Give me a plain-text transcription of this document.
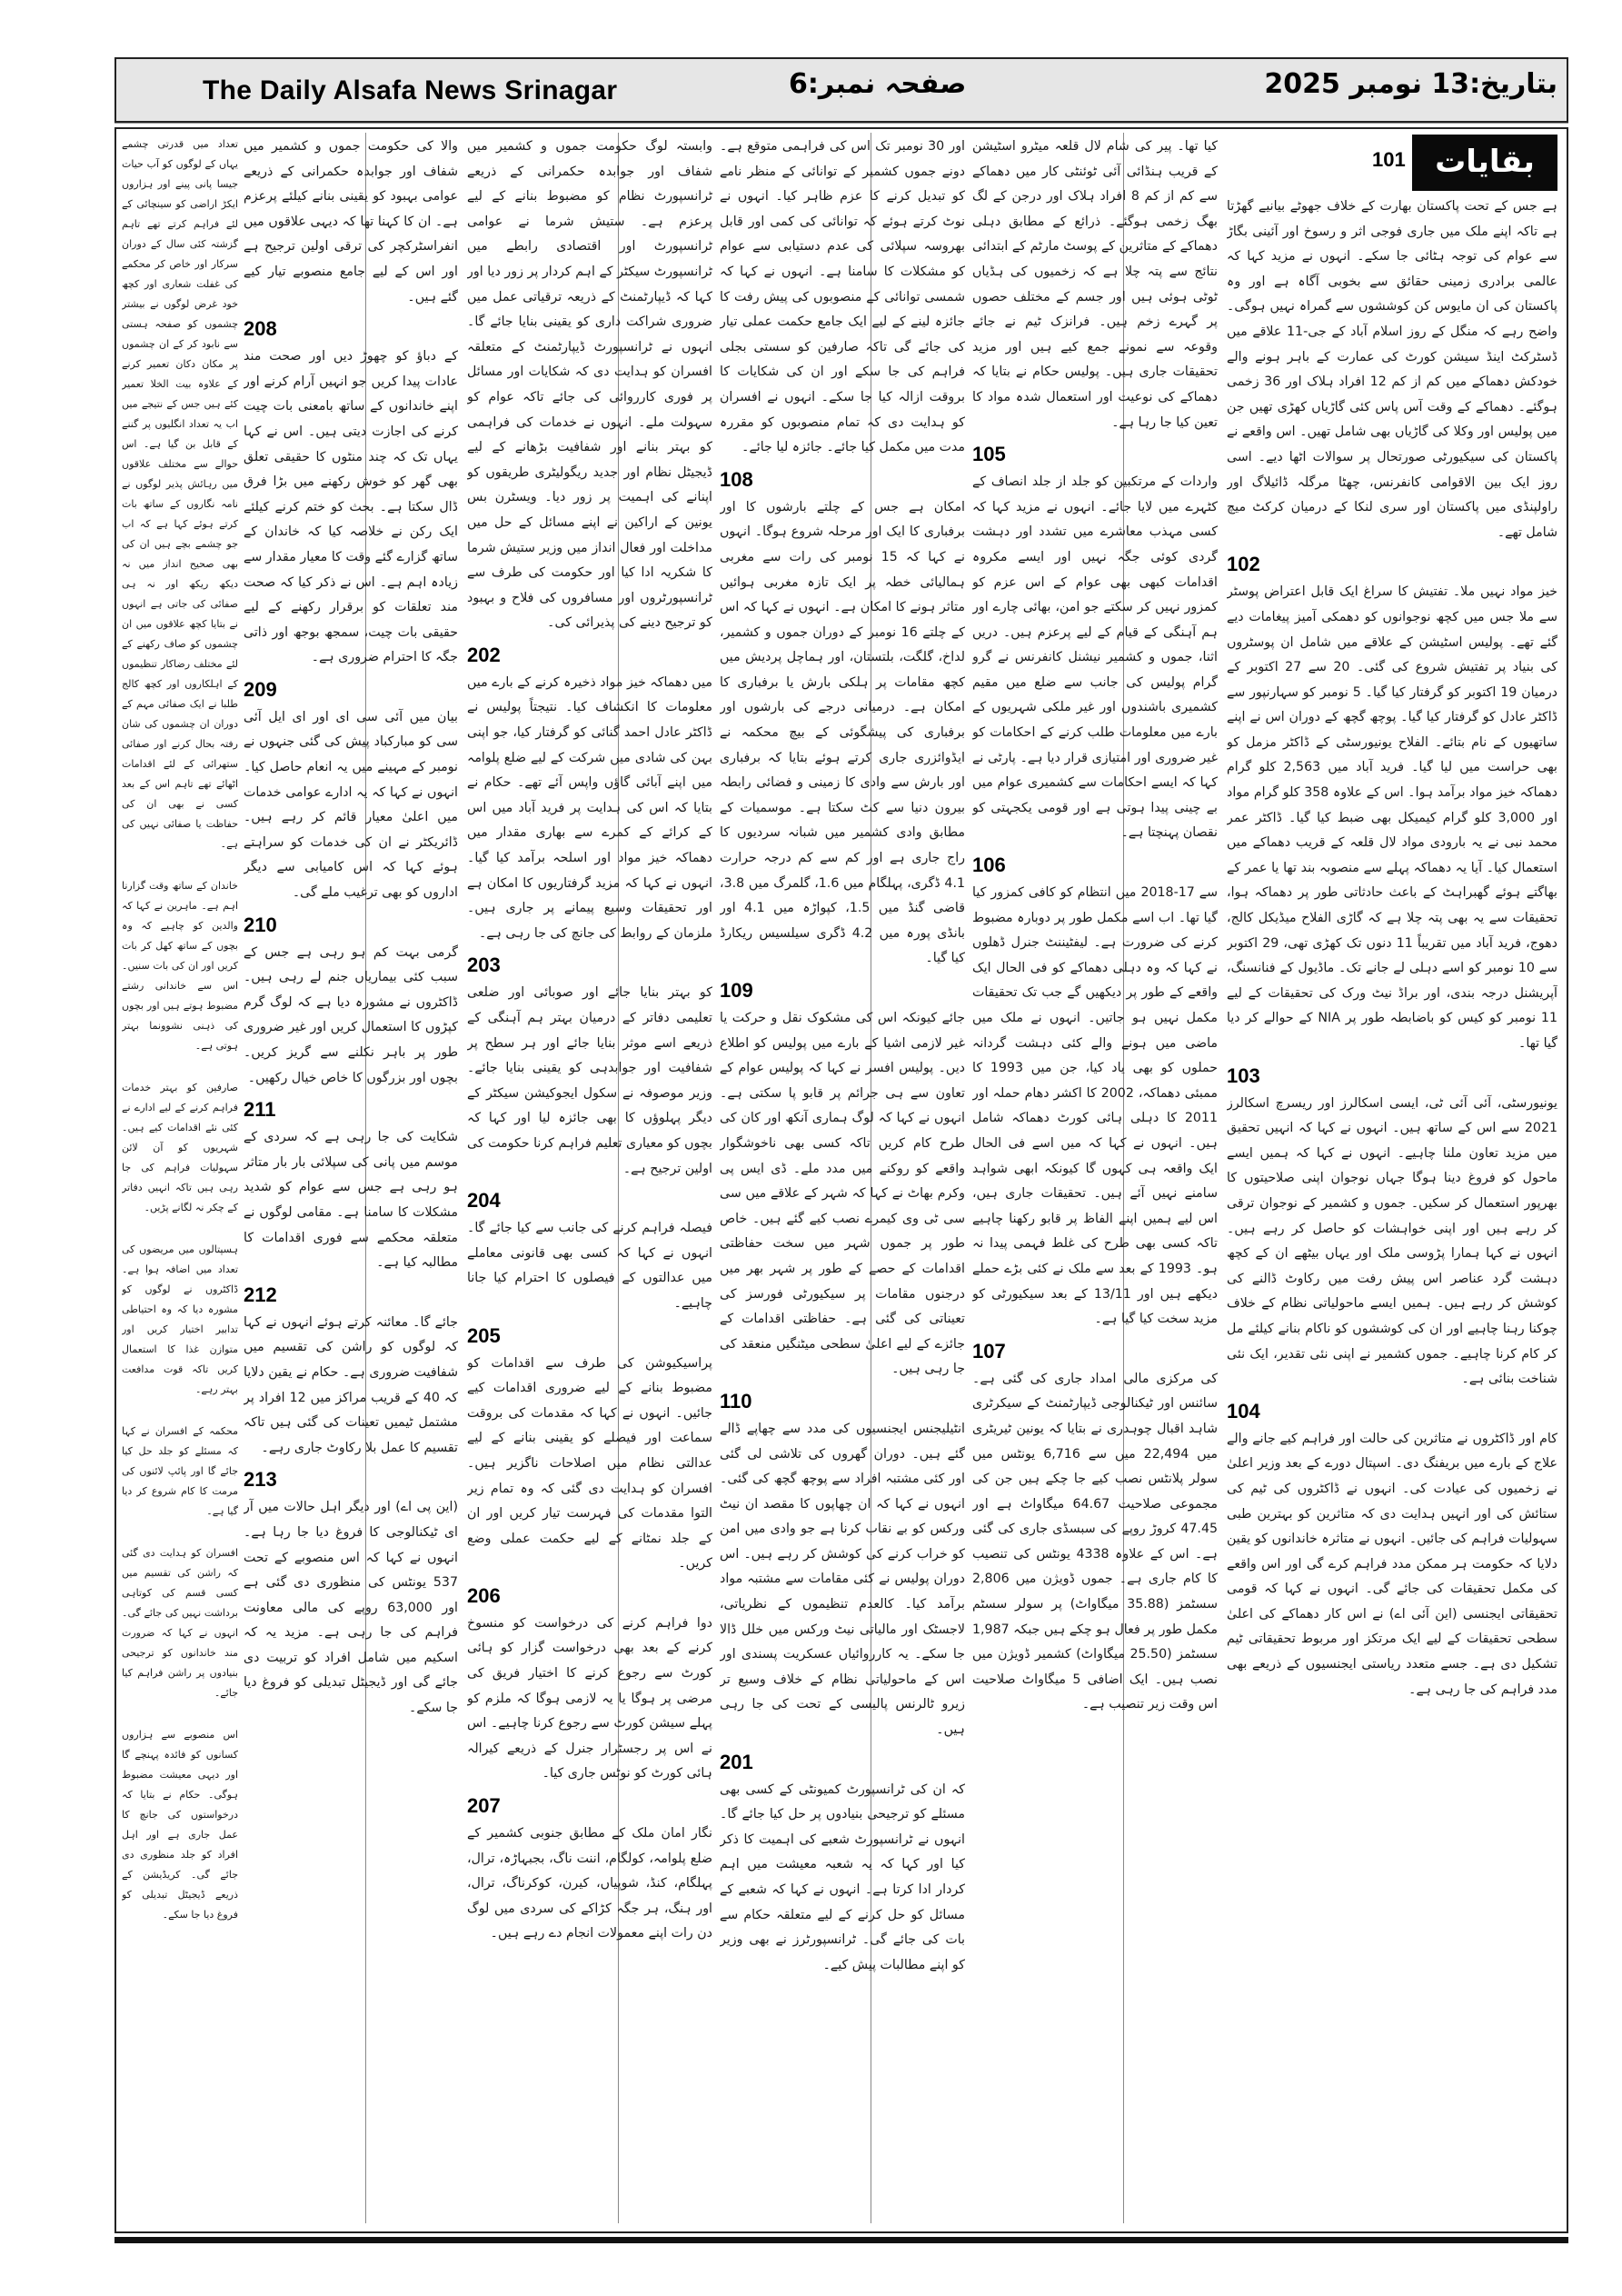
The Daily Alsafa News Srinagar	صفحہ نمبر:6	بتاریخ:13 نومبر 2025
بقایات
101

ہے جس کے تحت پاکستان بھارت کے خلاف جھوٹے بیانیے گھڑتا ہے تاکہ اپنے ملک میں جاری فوجی اثر و رسوخ اور آئینی بگاڑ سے عوام کی توجہ ہٹائی جا سکے۔ انہوں نے مزید کہا کہ عالمی برادری زمینی حقائق سے بخوبی آگاہ ہے اور وہ پاکستان کی ان مایوس کن کوششوں سے گمراہ نہیں ہوگی۔ واضح رہے کہ منگل کے روز اسلام آباد کے جی-11 علاقے میں ڈسٹرکٹ اینڈ سیشن کورٹ کی عمارت کے باہر ہونے والے خودکش دھماکے میں کم از کم 12 افراد ہلاک اور 36 زخمی ہوگئے۔ دھماکے کے وقت آس پاس کئی گاڑیاں کھڑی تھیں جن میں پولیس اور وکلا کی گاڑیاں بھی شامل تھیں۔ اس واقعے نے پاکستان کی سیکیورٹی صورتحال پر سوالات اٹھا دیے۔ اسی روز ایک بین الاقوامی کانفرنس، چھٹا مرگلہ ڈائیلاگ اور راولپنڈی میں پاکستان اور سری لنکا کے درمیان کرکٹ میچ شامل تھے۔

102

خیز مواد نہیں ملا۔ تفتیش کا سراغ ایک قابل اعتراض پوسٹر سے ملا جس میں کچھ نوجوانوں کو دھمکی آمیز پیغامات دیے گئے تھے۔ پولیس اسٹیشن کے علاقے میں شامل ان پوسٹروں کی بنیاد پر تفتیش شروع کی گئی۔ 20 سے 27 اکتوبر کے درمیان 19 اکتوبر کو گرفتار کیا گیا۔ 5 نومبر کو سہارنپور سے ڈاکٹر عادل کو گرفتار کیا گیا۔ پوچھ گچھ کے دوران اس نے اپنے ساتھیوں کے نام بتائے۔ الفلاح یونیورسٹی کے ڈاکٹر مزمل کو بھی حراست میں لیا گیا۔ فرید آباد میں 2,563 کلو گرام دھماکہ خیز مواد برآمد ہوا۔ اس کے علاوہ 358 کلو گرام مواد اور 3,000 کلو گرام کیمیکل بھی ضبط کیا گیا۔ ڈاکٹر عمر محمد نبی نے یہ بارودی مواد لال قلعہ کے قریب دھماکے میں استعمال کیا۔ آیا یہ دھماکہ پہلے سے منصوبہ بند تھا یا عمر کے بھاگتے ہوئے گھبراہٹ کے باعث حادثاتی طور پر دھماکہ ہوا، تحقیقات سے یہ بھی پتہ چلا ہے کہ گاڑی الفلاح میڈیکل کالج، دھوج، فرید آباد میں تقریباً 11 دنوں تک کھڑی تھی، 29 اکتوبر سے 10 نومبر کو اسے دہلی لے جانے تک۔ ماڈیول کے فنانسنگ، آپریشنل درجہ بندی، اور براڈ نیٹ ورک کی تحقیقات کے لیے 11 نومبر کو کیس کو باضابطہ طور پر NIA کے حوالے کر دیا گیا تھا۔

103

یونیورسٹی، آئی آئی ٹی، ایسی اسکالرز اور ریسرچ اسکالرز 2021 سے اس کے ساتھ ہیں۔ انہوں نے کہا کہ انہیں تحقیق میں مزید تعاون ملنا چاہیے۔ انہوں نے کہا کہ ہمیں ایسے ماحول کو فروغ دینا ہوگا جہاں نوجوان اپنی صلاحیتوں کا بھرپور استعمال کر سکیں۔ جموں و کشمیر کے نوجوان ترقی کر رہے ہیں اور اپنی خواہشات کو حاصل کر رہے ہیں۔ انہوں نے کہا ہمارا پڑوسی ملک اور یہاں بیٹھے ان کے کچھ دہشت گرد عناصر اس پیش رفت میں رکاوٹ ڈالنے کی کوشش کر رہے ہیں۔ ہمیں ایسے ماحولیاتی نظام کے خلاف چوکنا رہنا چاہیے اور ان کی کوششوں کو ناکام بنانے کیلئے مل کر کام کرنا چاہیے۔ جموں کشمیر نے اپنی نئی تقدیر، ایک نئی شناخت بنائی ہے۔

104

کام اور ڈاکٹروں نے متاثرین کی حالت اور فراہم کیے جانے والے علاج کے بارے میں بریفنگ دی۔ اسپتال دورے کے بعد وزیر اعلیٰ نے زخمیوں کی عیادت کی۔ انہوں نے ڈاکٹروں کی ٹیم کی ستائش کی اور انہیں ہدایت دی کہ متاثرین کو بہترین طبی سہولیات فراہم کی جائیں۔ انہوں نے متاثرہ خاندانوں کو یقین دلایا کہ حکومت ہر ممکن مدد فراہم کرے گی اور اس واقعے کی مکمل تحقیقات کی جائے گی۔ انہوں نے کہا کہ قومی تحقیقاتی ایجنسی (این آئی اے) نے اس کار دھماکے کی اعلیٰ سطحی تحقیقات کے لیے ایک مرتکز اور مربوط تحقیقاتی ٹیم تشکیل دی ہے۔ جسے متعدد ریاستی ایجنسیوں کے ذریعے بھی مدد فراہم کی جا رہی ہے۔

کیا تھا۔ پیر کی شام لال قلعہ میٹرو اسٹیشن کے قریب ہنڈائی آئی ٹوئنٹی کار میں دھماکے سے کم از کم 8 افراد ہلاک اور درجن کے لگ بھگ زخمی ہوگئے۔ ذرائع کے مطابق دہلی دھماکے کے متاثرین کے پوسٹ مارٹم کے ابتدائی نتائج سے پتہ چلا ہے کہ زخمیوں کی ہڈیاں ٹوٹی ہوئی ہیں اور جسم کے مختلف حصوں پر گہرے زخم ہیں۔ فرانزک ٹیم نے جائے وقوعہ سے نمونے جمع کیے ہیں اور مزید تحقیقات جاری ہیں۔ پولیس حکام نے بتایا کہ دھماکے کی نوعیت اور استعمال شدہ مواد کا تعین کیا جا رہا ہے۔

105

واردات کے مرتکبین کو جلد از جلد انصاف کے کٹہرے میں لایا جائے۔ انہوں نے مزید کہا کہ کسی مہذب معاشرے میں تشدد اور دہشت گردی کوئی جگہ نہیں اور ایسے مکروہ اقدامات کبھی بھی عوام کے اس عزم کو کمزور نہیں کر سکتے جو امن، بھائی چارے اور ہم آہنگی کے قیام کے لیے پرعزم ہیں۔ دریں اثنا، جموں و کشمیر نیشنل کانفرنس نے گرو گرام پولیس کی جانب سے ضلع میں مقیم کشمیری باشندوں اور غیر ملکی شہریوں کے بارے میں معلومات طلب کرنے کے احکامات کو غیر ضروری اور امتیازی قرار دیا ہے۔ پارٹی نے کہا کہ ایسے احکامات سے کشمیری عوام میں بے چینی پیدا ہوتی ہے اور قومی یکجہتی کو نقصان پہنچتا ہے۔

106

سے 17-2018 میں انتظام کو کافی کمزور کیا گیا تھا۔ اب اسے مکمل طور پر دوبارہ مضبوط کرنے کی ضرورت ہے۔ لیفٹیننٹ جنرل ڈھلوں نے کہا کہ وہ دہلی دھماکے کو فی الحال ایک واقعے کے طور پر دیکھیں گے جب تک تحقیقات مکمل نہیں ہو جاتیں۔ انہوں نے ملک میں ماضی میں ہونے والے کئی دہشت گردانہ حملوں کو بھی یاد کیا، جن میں 1993 کا ممبئی دھماکہ، 2002 کا اکشر دھام حملہ اور 2011 کا دہلی ہائی کورٹ دھماکہ شامل ہیں۔ انہوں نے کہا کہ میں اسے فی الحال ایک واقعہ ہی کہوں گا کیونکہ ابھی شواہد سامنے نہیں آئے ہیں۔ تحقیقات جاری ہیں، اس لیے ہمیں اپنے الفاظ پر قابو رکھنا چاہیے تاکہ کسی بھی طرح کی غلط فہمی پیدا نہ ہو۔ 1993 کے بعد سے ملک نے کئی بڑے حملے دیکھے ہیں اور 13/11 کے بعد سیکیورٹی کو مزید سخت کیا گیا ہے۔

107

کی مرکزی مالی امداد جاری کی گئی ہے۔ سائنس اور ٹیکنالوجی ڈیپارٹمنٹ کے سیکرٹری شاہد اقبال چوہدری نے بتایا کہ یونین ٹیریٹری میں 22,494 میں سے 6,716 یونٹس میں سولر پلانٹس نصب کیے جا چکے ہیں جن کی مجموعی صلاحیت 64.67 میگاواٹ ہے اور 47.45 کروڑ روپے کی سبسڈی جاری کی گئی ہے۔ اس کے علاوہ 4338 یونٹس کی تنصیب کا کام جاری ہے۔ جموں ڈویژن میں 2,806 سسٹمز (35.88 میگاواٹ) پر سولر سسٹم مکمل طور پر فعال ہو چکے ہیں جبکہ 1,987 سسٹمز (25.50 میگاواٹ) کشمیر ڈویژن میں نصب ہیں۔ ایک اضافی 5 میگاواٹ صلاحیت اس وقت زیر تنصیب ہے۔

اور 30 نومبر تک اس کی فراہمی متوقع ہے۔ دونے جموں کشمیر کے توانائی کے منظر نامے کو تبدیل کرنے کا عزم ظاہر کیا۔ انہوں نے نوٹ کرتے ہوئے کہ توانائی کی کمی اور قابل بھروسہ سپلائی کی عدم دستیابی سے عوام کو مشکلات کا سامنا ہے۔ انہوں نے کہا کہ شمسی توانائی کے منصوبوں کی پیش رفت کا جائزہ لینے کے لیے ایک جامع حکمت عملی تیار کی جائے گی تاکہ صارفین کو سستی بجلی فراہم کی جا سکے اور ان کی شکایات کا بروقت ازالہ کیا جا سکے۔ انہوں نے افسران کو ہدایت دی کہ تمام منصوبوں کو مقررہ مدت میں مکمل کیا جائے۔ جائزہ لیا جائے۔

108

امکان ہے جس کے چلتے بارشوں کا اور برفباری کا ایک اور مرحلہ شروع ہوگا۔ انہوں نے کہا کہ 15 نومبر کی رات سے مغربی ہمالیائی خطہ پر ایک تازہ مغربی ہوائیں متاثر ہونے کا امکان ہے۔ انہوں نے کہا کہ اس کے چلتے 16 نومبر کے دوران جموں و کشمیر، لداخ، گلگت، بلتستان، اور ہماچل پردیش میں کچھ مقامات پر ہلکی بارش یا برفباری کا امکان ہے۔ درمیانی درجے کی بارشوں اور برفباری کی پیشگوئی کے بیچ محکمہ نے ایڈوائزری جاری کرتے ہوئے بتایا کہ برفباری اور بارش سے وادی کا زمینی و فضائی رابطہ بیرون دنیا سے کٹ سکتا ہے۔ موسمیات کے مطابق وادی کشمیر میں شبانہ سردیوں کا راج جاری ہے اور کم سے کم درجہ حرارت 4.1 ڈگری، پہلگام میں 1.6، گلمرگ میں 3.8، قاضی گنڈ میں 1.5، کپواڑہ میں 4.1 اور بانڈی پورہ میں 4.2 ڈگری سیلسیس ریکارڈ کیا گیا۔

109

جائے کیونکہ اس کی مشکوک نقل و حرکت یا غیر لازمی اشیا کے بارے میں پولیس کو اطلاع دیں۔ پولیس افسر نے کہا کہ پولیس عوام کے تعاون سے ہی جرائم پر قابو پا سکتی ہے۔ انہوں نے کہا کہ لوگ ہماری آنکھ اور کان کی طرح کام کریں تاکہ کسی بھی ناخوشگوار واقعے کو روکنے میں مدد ملے۔ ڈی ایس پی وکرم بھاٹ نے کہا کہ شہر کے علاقے میں سی سی ٹی وی کیمرے نصب کیے گئے ہیں۔ خاص طور پر جموں شہر میں سخت حفاظتی اقدامات کے حصے کے طور پر شہر بھر میں درجنوں مقامات پر سیکیورٹی فورسز کی تعیناتی کی گئی ہے۔ حفاظتی اقدامات کے جائزے کے لیے اعلیٰ سطحی میٹنگیں منعقد کی جا رہی ہیں۔

110

انٹیلیجنس ایجنسیوں کی مدد سے چھاپے ڈالے گئے ہیں۔ دوران گھروں کی تلاشی لی گئی اور کئی مشتبہ افراد سے پوچھ گچھ کی گئی۔ انہوں نے کہا کہ ان چھاپوں کا مقصد ان نیٹ ورکس کو بے نقاب کرنا ہے جو وادی میں امن کو خراب کرنے کی کوشش کر رہے ہیں۔ اس دوران پولیس نے کئی مقامات سے مشتبہ مواد برآمد کیا۔ کالعدم تنظیموں کے نظریاتی، لاجسٹک اور مالیاتی نیٹ ورکس میں خلل ڈالا جا سکے۔ یہ کارروائیاں عسکریت پسندی اور اس کے ماحولیاتی نظام کے خلاف وسیع تر زیرو ٹالرنس پالیسی کے تحت کی جا رہی ہیں۔

201

کہ ان کی ٹرانسپورٹ کمیونٹی کے کسی بھی مسئلے کو ترجیحی بنیادوں پر حل کیا جائے گا۔ انہوں نے ٹرانسپورٹ شعبے کی اہمیت کا ذکر کیا اور کہا کہ یہ شعبہ معیشت میں اہم کردار ادا کرتا ہے۔ انہوں نے کہا کہ شعبے کے مسائل کو حل کرنے کے لیے متعلقہ حکام سے بات کی جائے گی۔ ٹرانسپورٹرز نے بھی وزیر کو اپنے مطالبات پیش کیے۔

وابستہ لوگ حکومت جموں و کشمیر میں شفاف اور جوابدہ حکمرانی کے ذریعے ٹرانسپورٹ نظام کو مضبوط بنانے کے لیے پرعزم ہے۔ ستیش شرما نے عوامی ٹرانسپورٹ اور اقتصادی رابطے میں ٹرانسپورٹ سیکٹر کے اہم کردار پر زور دیا اور کہا کہ ڈیپارٹمنٹ کے ذریعہ ترقیاتی عمل میں ضروری شراکت داری کو یقینی بنایا جائے گا۔ انہوں نے ٹرانسپورٹ ڈیپارٹمنٹ کے متعلقہ افسران کو ہدایت دی کہ شکایات اور مسائل پر فوری کارروائی کی جائے تاکہ عوام کو سہولت ملے۔ انہوں نے خدمات کی فراہمی کو بہتر بنانے اور شفافیت بڑھانے کے لیے ڈیجیٹل نظام اور جدید ریگولیٹری طریقوں کو اپنانے کی اہمیت پر زور دیا۔ ویسٹرن بس یونین کے اراکین نے اپنے مسائل کے حل میں مداخلت اور فعال انداز میں وزیر ستیش شرما کا شکریہ ادا کیا اور حکومت کی طرف سے ٹرانسپورٹروں اور مسافروں کی فلاح و بہبود کو ترجیح دینے کی پذیرائی کی۔

202

میں دھماکہ خیز مواد ذخیرہ کرنے کے بارے میں معلومات کا انکشاف کیا۔ نتیجتاً پولیس نے ڈاکٹر عادل احمد گنائی کو گرفتار کیا، جو اپنی بہن کی شادی میں شرکت کے لیے ضلع پلوامہ میں اپنے آبائی گاؤں واپس آئے تھے۔ حکام نے بتایا کہ اس کی ہدایت پر فرید آباد میں اس کے کرائے کے کمرے سے بھاری مقدار میں دھماکہ خیز مواد اور اسلحہ برآمد کیا گیا۔ انہوں نے کہا کہ مزید گرفتاریوں کا امکان ہے اور تحقیقات وسیع پیمانے پر جاری ہیں۔ ملزمان کے روابط کی جانچ کی جا رہی ہے۔

203

کو بہتر بنایا جائے اور صوبائی اور ضلعی تعلیمی دفاتر کے درمیان بہتر ہم آہنگی کے ذریعے اسے موثر بنایا جائے اور ہر سطح پر شفافیت اور جوابدہی کو یقینی بنایا جائے۔ وزیر موصوفہ نے سکول ایجوکیشن سیکٹر کے دیگر پہلوؤں کا بھی جائزہ لیا اور کہا کہ بچوں کو معیاری تعلیم فراہم کرنا حکومت کی اولین ترجیح ہے۔

204

فیصلہ فراہم کرنے کی جانب سے کیا جائے گا۔ انہوں نے کہا کہ کسی بھی قانونی معاملے میں عدالتوں کے فیصلوں کا احترام کیا جانا چاہیے۔

205

پراسیکیوشن کی طرف سے اقدامات کو مضبوط بنانے کے لیے ضروری اقدامات کیے جائیں۔ انہوں نے کہا کہ مقدمات کی بروقت سماعت اور فیصلے کو یقینی بنانے کے لیے عدالتی نظام میں اصلاحات ناگزیر ہیں۔ افسران کو ہدایت دی گئی کہ وہ تمام زیر التوا مقدمات کی فہرست تیار کریں اور ان کے جلد نمٹانے کے لیے حکمت عملی وضع کریں۔

206

دوا فراہم کرنے کی درخواست کو منسوخ کرنے کے بعد بھی درخواست گزار کو ہائی کورٹ سے رجوع کرنے کا اختیار فریق کی مرضی پر ہوگا یا یہ لازمی ہوگا کہ ملزم کو پہلے سیشن کورٹ سے رجوع کرنا چاہیے۔ اس نے اس پر رجسٹرار جنرل کے ذریعے کیرالہ ہائی کورٹ کو نوٹس جاری کیا۔

207

نگار امان ملک کے مطابق جنوبی کشمیر کے ضلع پلوامہ، کولگام، اننت ناگ، بجبہاڑہ، ترال، پہلگام، کنڈ، شوپیاں، کیرن، کوکرناگ، ترال، اور ہنگ، ہر جگہ کڑاکے کی سردی میں لوگ دن رات اپنے معمولات انجام دے رہے ہیں۔

والا کی حکومت جموں و کشمیر میں شفاف اور جوابدہ حکمرانی کے ذریعے عوامی بہبود کو یقینی بنانے کیلئے پرعزم ہے۔ ان کا کہنا تھا کہ دیہی علاقوں میں انفراسٹرکچر کی ترقی اولین ترجیح ہے اور اس کے لیے جامع منصوبے تیار کیے گئے ہیں۔

208

کے دباؤ کو چھوڑ دیں اور صحت مند عادات پیدا کریں جو انہیں آرام کرنے اور اپنے خاندانوں کے ساتھ بامعنی بات چیت کرنے کی اجازت دیتی ہیں۔ اس نے کہا یہاں تک کہ چند منٹوں کا حقیقی تعلق بھی گھر کو خوش رکھنے میں بڑا فرق ڈال سکتا ہے۔ بحث کو ختم کرنے کیلئے ایک رکن نے خلاصہ کیا کہ خاندان کے ساتھ گزارے گئے وقت کا معیار مقدار سے زیادہ اہم ہے۔ اس نے ذکر کیا کہ صحت مند تعلقات کو برقرار رکھنے کے لیے حقیقی بات چیت، سمجھ بوجھ اور ذاتی جگہ کا احترام ضروری ہے۔

209

بیان میں آئی سی ای اور ای ایل آئی سی کو مبارکباد پیش کی گئی جنہوں نے نومبر کے مہینے میں یہ انعام حاصل کیا۔ انہوں نے کہا کہ یہ ادارے عوامی خدمات میں اعلیٰ معیار قائم کر رہے ہیں۔ ڈائریکٹر نے ان کی خدمات کو سراہتے ہوئے کہا کہ اس کامیابی سے دیگر اداروں کو بھی ترغیب ملے گی۔

210

گرمی بہت کم ہو رہی ہے جس کے سبب کئی بیماریاں جنم لے رہی ہیں۔ ڈاکٹروں نے مشورہ دیا ہے کہ لوگ گرم کپڑوں کا استعمال کریں اور غیر ضروری طور پر باہر نکلنے سے گریز کریں۔ بچوں اور بزرگوں کا خاص خیال رکھیں۔

211

شکایت کی جا رہی ہے کہ سردی کے موسم میں پانی کی سپلائی بار بار متاثر ہو رہی ہے جس سے عوام کو شدید مشکلات کا سامنا ہے۔ مقامی لوگوں نے متعلقہ محکمے سے فوری اقدامات کا مطالبہ کیا ہے۔

212

جائے گا۔ معائنہ کرتے ہوئے انہوں نے کہا کہ لوگوں کو راشن کی تقسیم میں شفافیت ضروری ہے۔ حکام نے یقین دلایا کہ 40 کے قریب مراکز میں 12 افراد پر مشتمل ٹیمیں تعینات کی گئی ہیں تاکہ تقسیم کا عمل بلا رکاوٹ جاری رہے۔

213

(این پی اے) اور دیگر اہل حالات میں آر ای ٹیکنالوجی کا فروغ دیا جا رہا ہے۔ انہوں نے کہا کہ اس منصوبے کے تحت 537 یونٹس کی منظوری دی گئی ہے اور 63,000 روپے کی مالی معاونت فراہم کی جا رہی ہے۔ مزید یہ کہ اسکیم میں شامل افراد کو تربیت دی جائے گی اور ڈیجیٹل تبدیلی کو فروغ دیا جا سکے۔

تعداد میں قدرتی چشمے یہاں کے لوگوں کو آب حیات جیسا پانی پینے اور ہزاروں ایکڑ اراضی کو سینچائی کے لئے فراہم کرتے تھے تاہم گزشتہ کئی سال کے دوران سرکار اور خاص کر محکمے کی غفلت شعاری اور کچھ خود غرض لوگوں نے بیشتر چشموں کو صفحہ ہستی سے نابود کر کے ان چشموں پر مکان دکان تعمیر کرنے کے علاوہ بیت الخلا تعمیر کئے ہیں جس کے نتیجے میں اب یہ تعداد انگلیوں پر گننے کے قابل بن گیا ہے۔ اس حوالے سے مختلف علاقوں میں رہائش پذیر لوگوں نے نامہ نگاروں کے ساتھ بات کرتے ہوئے کہا ہے کہ اب جو چشمے بچے ہیں ان کی بھی صحیح انداز میں نہ دیکھ ریکھ اور نہ ہی صفائی کی جاتی ہے انہوں نے بتایا کچھ علاقوں میں ان چشموں کو صاف رکھنے کے لئے مختلف رضاکار تنظیموں کے اہلکاروں اور کچھ کالج طلبا نے ایک صفائی مہم کے دوران ان چشموں کی شان رفتہ بحال کرنے اور صفائی ستھرائی کے لئے اقدامات اٹھائے تھے تاہم اس کے بعد کسی نے بھی ان کی حفاظت یا صفائی نہیں کی ہے۔

خاندان کے ساتھ وقت گزارنا اہم ہے۔ ماہرین نے کہا کہ والدین کو چاہیے کہ وہ بچوں کے ساتھ کھل کر بات کریں اور ان کی بات سنیں۔ اس سے خاندانی رشتے مضبوط ہوتے ہیں اور بچوں کی ذہنی نشوونما بہتر ہوتی ہے۔

صارفین کو بہتر خدمات فراہم کرنے کے لیے ادارے نے کئی نئے اقدامات کیے ہیں۔ شہریوں کو آن لائن سہولیات فراہم کی جا رہی ہیں تاکہ انہیں دفاتر کے چکر نہ لگانے پڑیں۔

ہسپتالوں میں مریضوں کی تعداد میں اضافہ ہوا ہے۔ ڈاکٹروں نے لوگوں کو مشورہ دیا کہ وہ احتیاطی تدابیر اختیار کریں اور متوازن غذا کا استعمال کریں تاکہ قوت مدافعت بہتر رہے۔

محکمہ کے افسران نے کہا کہ مسئلے کو جلد حل کیا جائے گا اور پائپ لائنوں کی مرمت کا کام شروع کر دیا گیا ہے۔

افسران کو ہدایت دی گئی کہ راشن کی تقسیم میں کسی قسم کی کوتاہی برداشت نہیں کی جائے گی۔ انہوں نے کہا کہ ضرورت مند خاندانوں کو ترجیحی بنیادوں پر راشن فراہم کیا جائے۔

اس منصوبے سے ہزاروں کسانوں کو فائدہ پہنچے گا اور دیہی معیشت مضبوط ہوگی۔ حکام نے بتایا کہ درخواستوں کی جانچ کا عمل جاری ہے اور اہل افراد کو جلد منظوری دی جائے گی۔ کریڈیشن کے ذریعے ڈیجیٹل تبدیلی کو فروغ دیا جا سکے۔
